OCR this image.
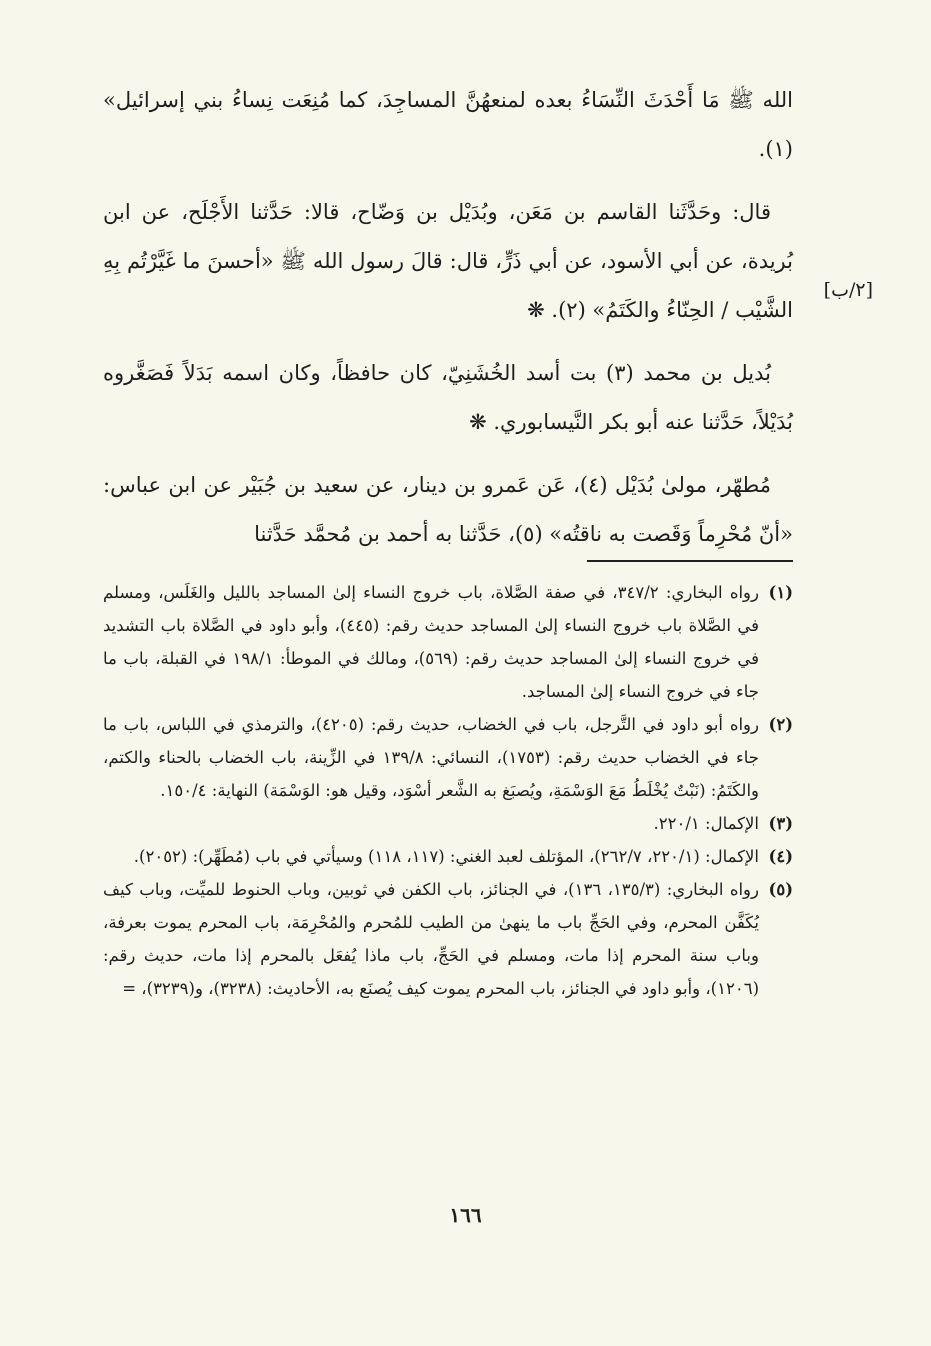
[٢/ب]

الله ﷺ مَا أَحْدَثَ النِّسَاءُ بعده لمنعهُنَّ المساجِدَ، كما مُنِعَت نِساءُ بني إسرائيل» (١).

قال: وحَدَّثَنا القاسم بن مَعَن، وبُدَيْل بن وَضّاح، قالا: حَدَّثنا الأَجْلَح، عن ابن بُريدة، عن أبي الأسود، عن أبي ذَرٍّ، قال: قالَ رسول الله ﷺ «أحسنَ ما غَيَّرْتُم بِهِ الشَّيْب / الحِنّاءُ والكَتَمُ» (٢). ❋

بُديل بن محمد (٣) بت أسد الخُشَنِيّ، كان حافظاً، وكان اسمه بَدَلاً فَصَغَّروه بُدَيْلاً، حَدَّثنا عنه أبو بكر النَّيسابوري. ❋

مُطهّر، مولىٰ بُدَيْل (٤)، عَن عَمرو بن دينار، عن سعيد بن جُبَيْر عن ابن عباس: «أنّ مُحْرِماً وَقَصت به ناقتُه» (٥)، حَدَّثنا به أحمد بن مُحمَّد حَدَّثنا

(١)
رواه البخاري: ٣٤٧/٢، في صفة الصَّلاة، باب خروج النساء إلىٰ المساجد بالليل والغَلَس، ومسلم في الصَّلاة باب خروج النساء إلىٰ المساجد حديث رقم: (٤٤٥)، وأبو داود في الصَّلاة باب التشديد في خروج النساء إلىٰ المساجد حديث رقم: (٥٦٩)، ومالك في الموطأ: ١٩٨/١ في القبلة، باب ما جاء في خروج النساء إلىٰ المساجد.
(٢)
رواه أبو داود في التَّرجل، باب في الخضاب، حديث رقم: (٤٢٠٥)، والترمذي في اللباس، باب ما جاء في الخضاب حديث رقم: (١٧٥٣)، النسائي: ١٣٩/٨ في الزِّينة، باب الخضاب بالحناء والكتم، والكَتَمُ: (نَبْتٌ يُخْلَطُ مَعَ الوَسْمَةِ، ويُصبَغ به الشَّعر أسْوَد، وقيل هو: الوَسْمَة) النهاية: ١٥٠/٤.
(٣)
الإكمال: ٢٢٠/١.
(٤)
الإكمال: (٢٢٠/١، ٢٦٢/٧)، المؤتلف لعبد الغني: (١١٧، ١١٨) وسيأتي في باب (مُطَهِّر): (٢٠٥٢).
(٥)
رواه البخاري: (١٣٥/٣، ١٣٦)، في الجنائز، باب الكفن في ثوبين، وباب الحنوط للميِّت، وباب كيف يُكَفَّن المحرم، وفي الحَجِّ باب ما ينهىٰ من الطيب للمُحرم والمُحْرِمَة، باب المحرم يموت بعرفة، وباب سنة المحرم إذا مات، ومسلم في الحَجِّ، باب ماذا يُفعَل بالمحرم إذا مات، حديث رقم: (١٢٠٦)، وأبو داود في الجنائز، باب المحرم يموت كيف يُصنَع به، الأحاديث: (٣٢٣٨)، و(٣٢٣٩)، =
١٦٦
